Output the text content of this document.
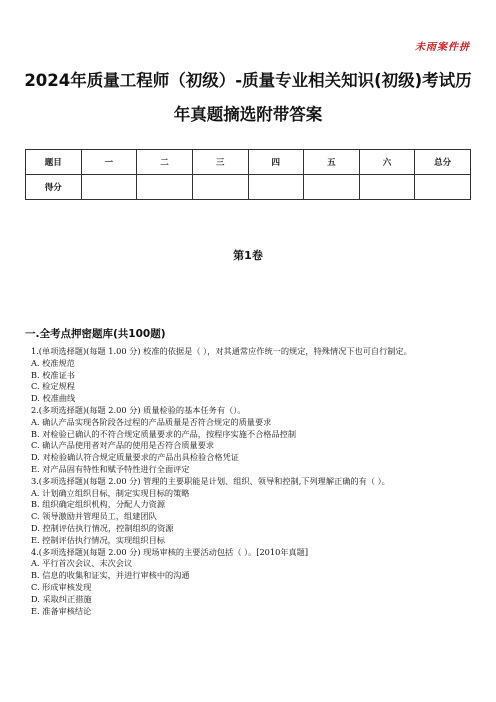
未雨案件拼
2024年质量工程师（初级）-质量专业相关知识(初级)考试历年真题摘选附带答案
题目	一	二	三	四	五	六	总分
得分							
第1卷
一.全考点押密题库(共100题)
1.(单项选择题)(每题 1.00 分) 校准的依据是（ ），对其通常应作统一的规定，特殊情况下也可自行制定。
A. 校准规范
B. 校准证书
C. 检定规程
D. 校准曲线
2.(多项选择题)(每题 2.00 分) 质量检验的基本任务有（）。
A. 确认产品实现各阶段各过程的产品质量是否符合规定的质量要求
B. 对检验已确认的不符合规定质量要求的产品，按程序实施不合格品控制
C. 确认产品使用者对产品的使用是否符合质量要求
D. 对检验确认符合规定质量要求的产品出具检验合格凭证
E. 对产品固有特性和赋予特性进行全面评定
3.(多项选择题)(每题 2.00 分) 管理的主要职能是计划、组织、领导和控制,下列理解正确的有（ ）。
A. 计划确立组织目标，制定实现目标的策略
B. 组织确定组织机构，分配人力资源
C. 领导激励并管理员工，组建团队
D. 控制评估执行情况，控制组织的资源
E. 控制评估执行情况，实现组织目标
4.(多项选择题)(每题 2.00 分) 现场审核的主要活动包括（ ）。[2010年真题]
A. 平行首次会议、末次会议
B. 信息的收集和证实，并进行审核中的沟通
C. 形成审核发现
D. 采取纠正措施
E. 准备审核结论
